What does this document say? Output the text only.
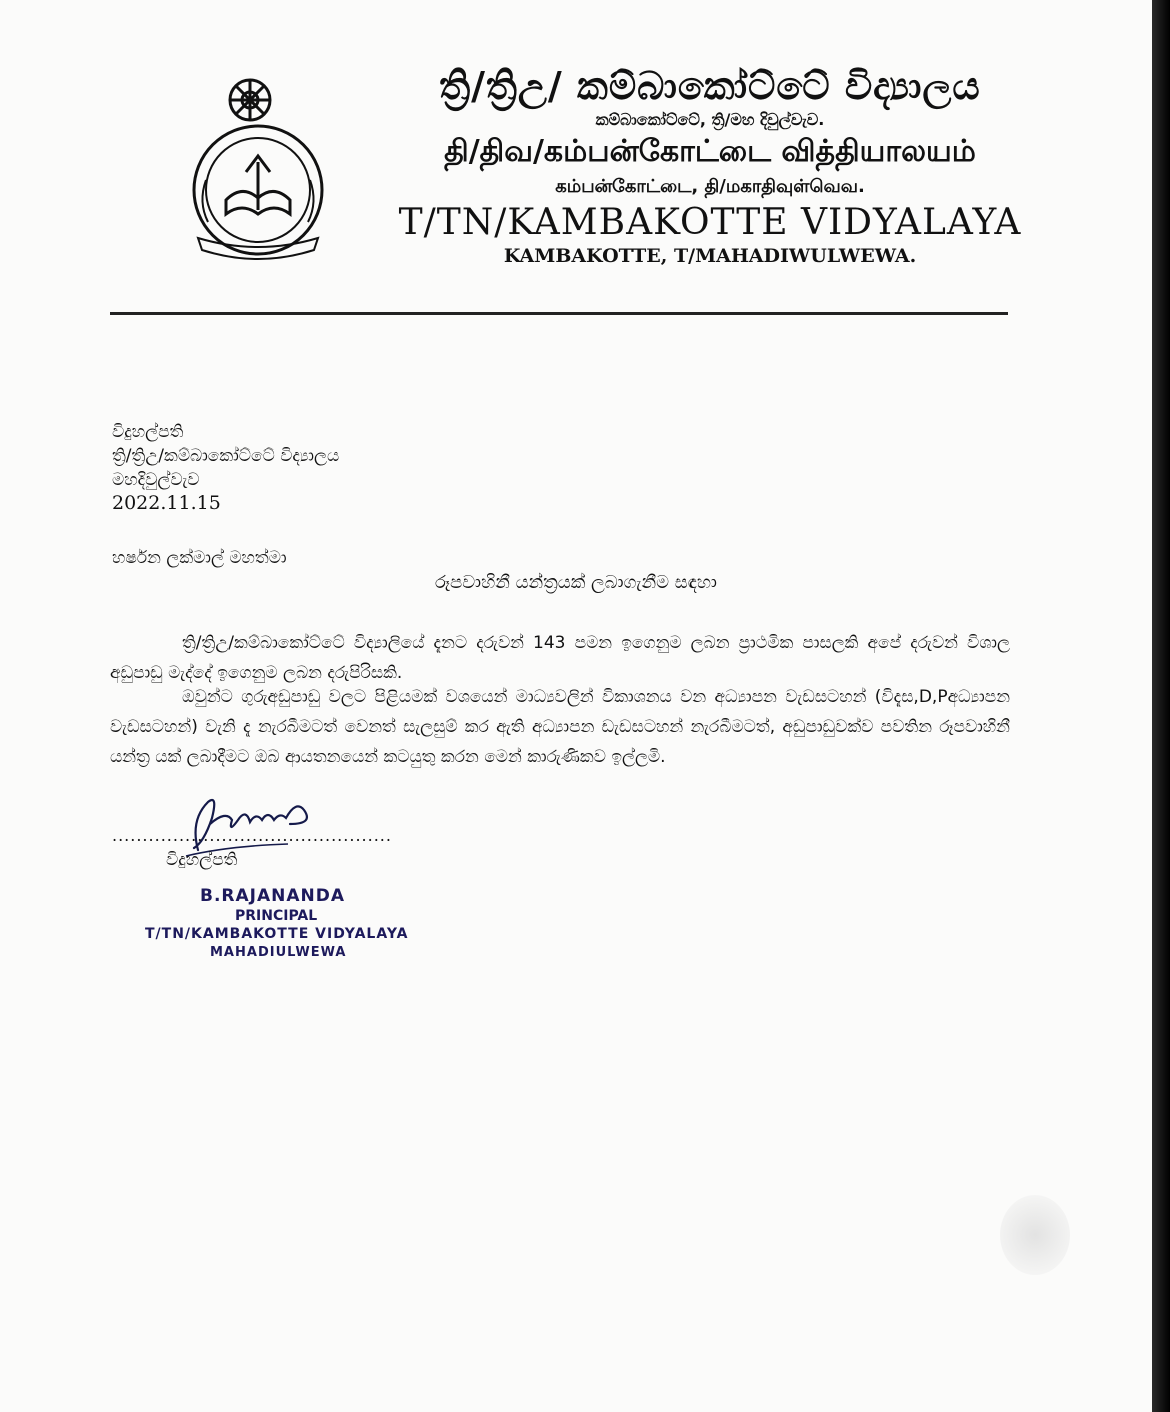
ත්‍රි/ත්‍රිඋ/ කම්බාකෝට්ටේ විද්‍යාලය
කම්බාකෝට්ටේ, ත්‍රි/මහ දිවුල්වැව.
தி/திவ/கம்பன்கோட்டை வித்தியாலயம்
கம்பன்கோட்டை, தி/மகாதிவுள்வெவ.
T/TN/KAMBAKOTTE VIDYALAYA
KAMBAKOTTE, T/MAHADIWULWEWA.
විදුහල්පති
ත්‍රි/ත්‍රිඋ/කම්බාකෝට්ටේ විද්‍යාලය
මහදිවුල්වැව
2022.11.15
හර්ෂන ලක්මාල් මහත්මා
රූපවාහිනී යන්ත්‍රයක් ලබාගැනීම සඳහා
ත්‍රි/ත්‍රිඋ/කම්බාකෝට්ටේ විද්‍යාලියේ දැනට දරුවන් 143 පමන ඉගෙනුම ලබන ප්‍රාථමික පාසලකි අපේ දරුවන් විශාල අඩුපාඩු මැද්දේ ඉගෙනුම ලබන දරුපිරිසකි.
ඔවුන්ට ගුරුඅඩුපාඩු වලට පිළියමක් වශයෙන් මාධ්‍යවලින් විකාශනය වන අධ්‍යාපන වැඩසටහන් (විදැස,D,Pඅධ්‍යාපන වැඩසටහන්) වැනි දැ නැරබීමටත් වෙනත් සැලසුම් කර ඇති අධ්‍යාපන ඩැඩසටහන් නැරබීමටත්, අඩුපාඩුවක්ව පවතින රූපවාහිනී යන්ත්‍ර යක් ලබාදීමට ඔබ ආයතනයෙන් කටයුතු කරන මෙන් කාරුණිකව ඉල්ලමි.
..............................................
විදුහල්පති
B.RAJANANDA
PRINCIPAL
T/TN/KAMBAKOTTE VIDYALAYA
MAHADIULWEWA
